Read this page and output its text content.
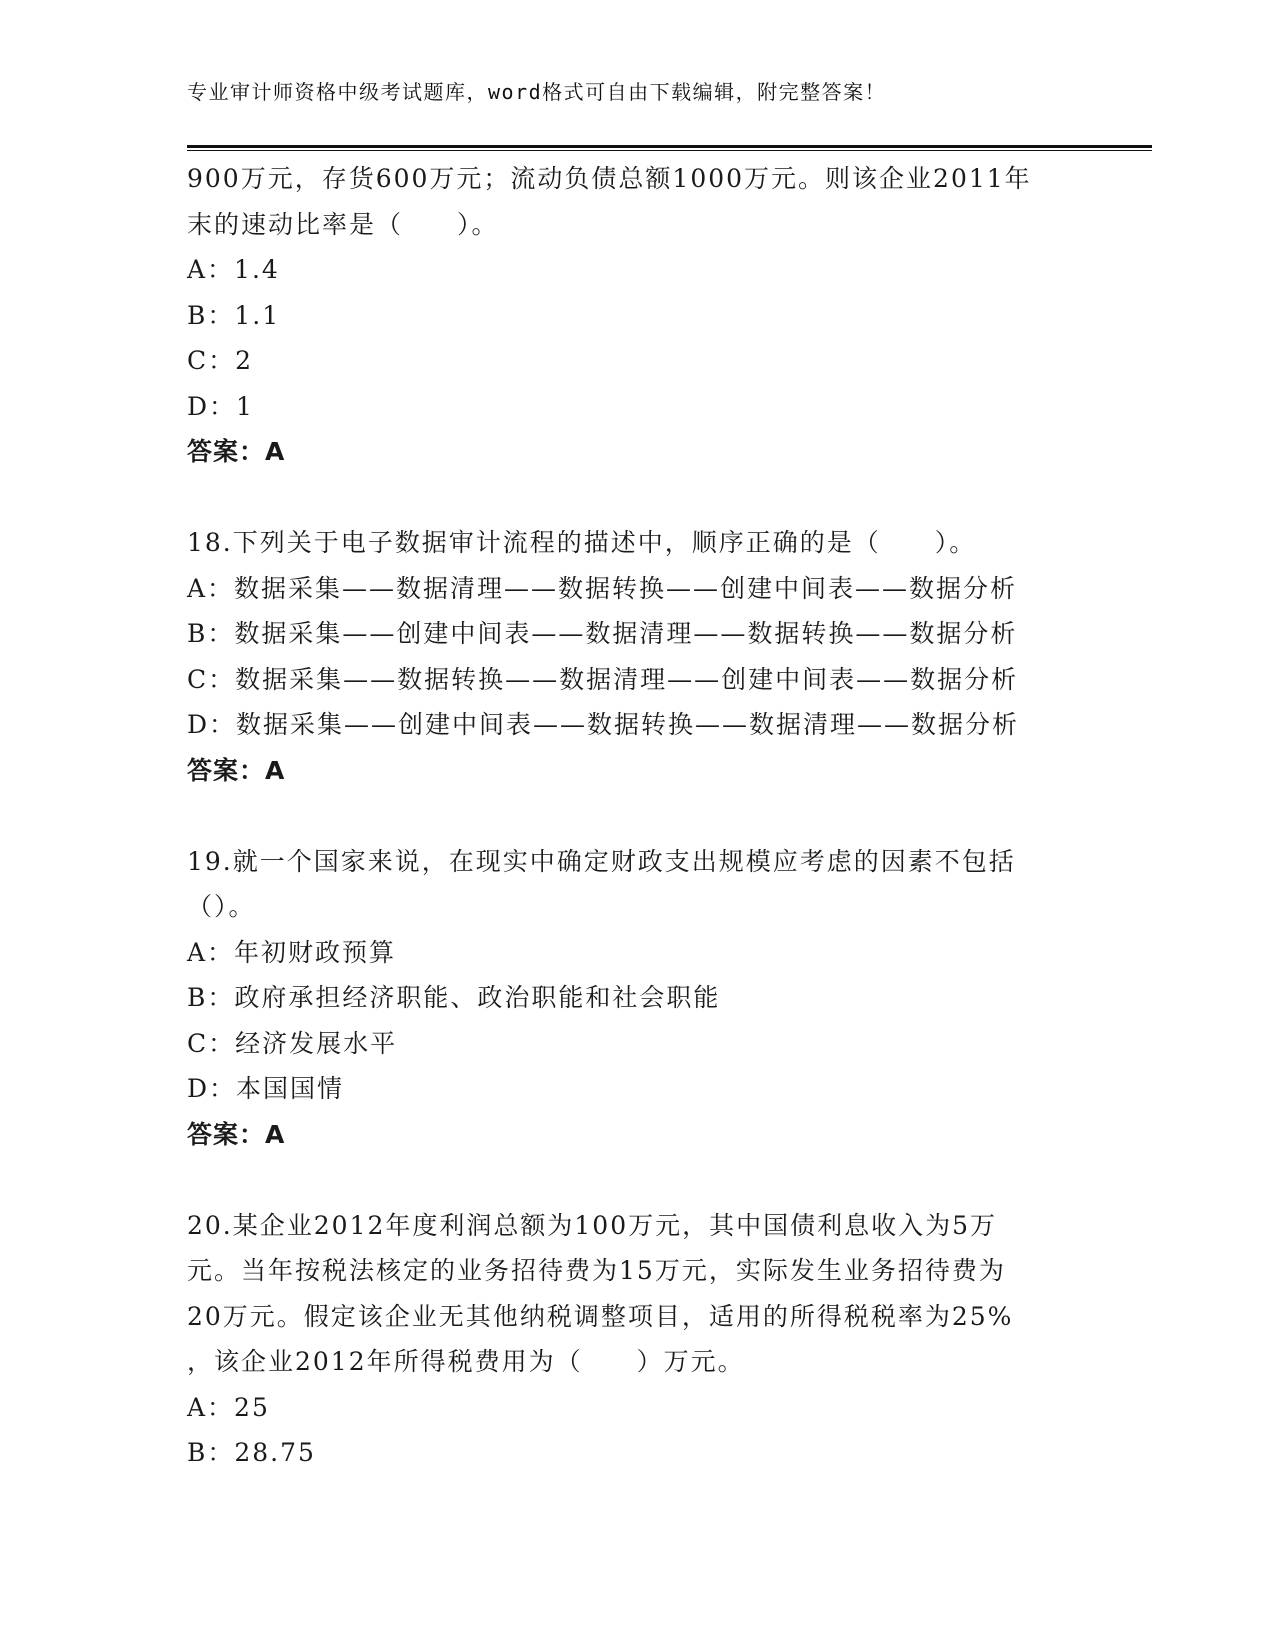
专业审计师资格中级考试题库，word格式可自由下载编辑，附完整答案！
900万元，存货600万元；流动负债总额1000万元。则该企业2011年
末的速动比率是（　　）。
A：1.4
B：1.1
C：2
D：1
答案：A
18.下列关于电子数据审计流程的描述中，顺序正确的是（　　）。
A：数据采集——数据清理——数据转换——创建中间表——数据分析
B：数据采集——创建中间表——数据清理——数据转换——数据分析
C：数据采集——数据转换——数据清理——创建中间表——数据分析
D：数据采集——创建中间表——数据转换——数据清理——数据分析
答案：A
19.就一个国家来说，在现实中确定财政支出规模应考虑的因素不包括
（）。
A：年初财政预算
B：政府承担经济职能、政治职能和社会职能
C：经济发展水平
D：本国国情
答案：A
20.某企业2012年度利润总额为100万元，其中国债利息收入为5万
元。当年按税法核定的业务招待费为15万元，实际发生业务招待费为
20万元。假定该企业无其他纳税调整项目，适用的所得税税率为25%
，该企业2012年所得税费用为（　　）万元。
A：25
B：28.75
